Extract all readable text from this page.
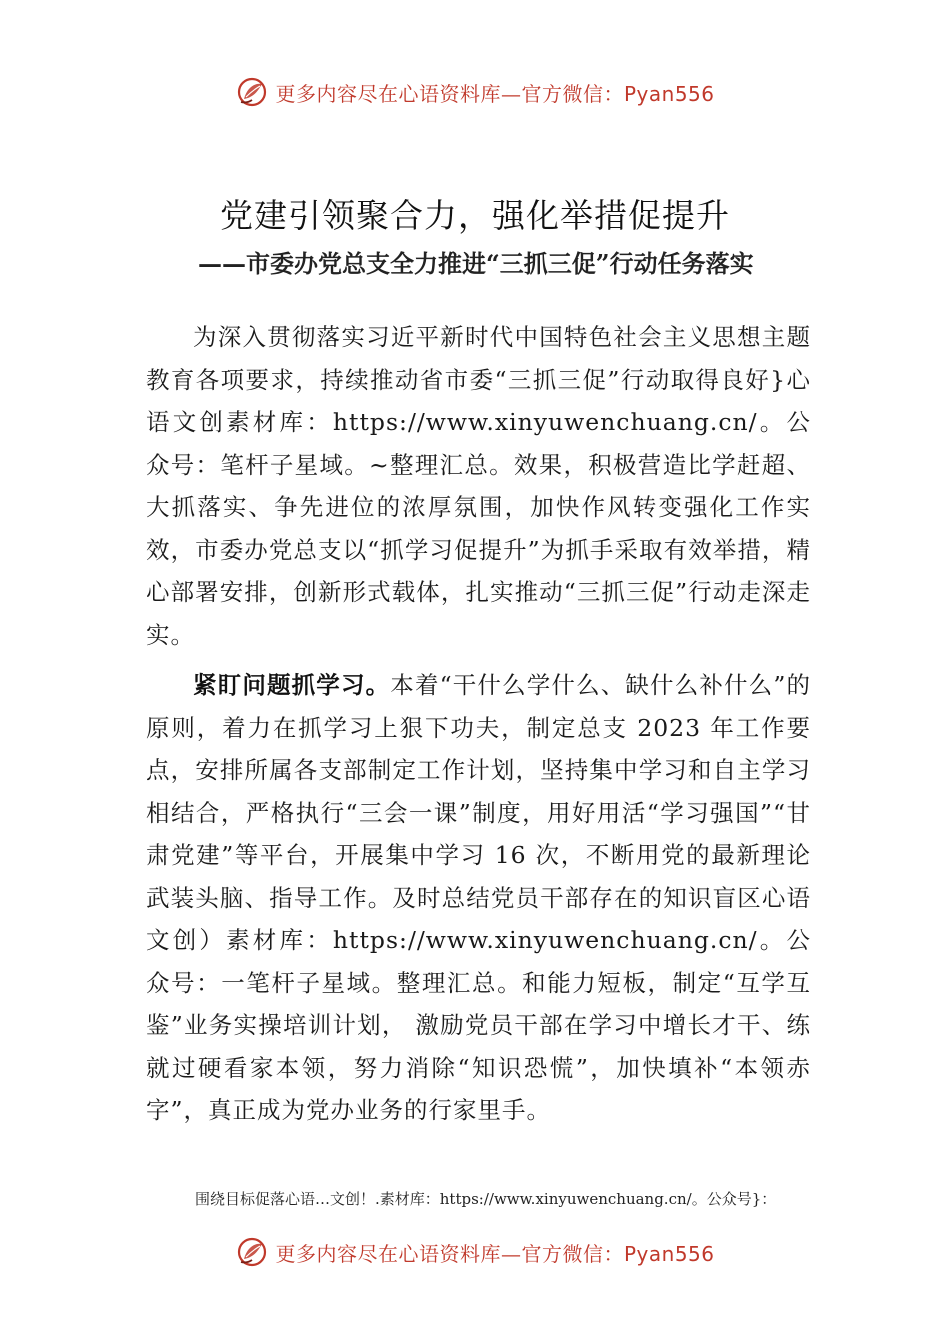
更多内容尽在心语资料库—官方微信：Pyan556
党建引领聚合力，强化举措促提升
——市委办党总支全力推进“三抓三促”行动任务落实

为深入贯彻落实习近平新时代中国特色社会主义思想主题教育各项要求，持续推动省市委“三抓三促”行动取得良好}心语文创素材库：https://www.xinyuwenchuang.cn/。公众号：笔杆子星域。~整理汇总。效果，积极营造比学赶超、大抓落实、争先进位的浓厚氛围，加快作风转变强化工作实效，市委办党总支以“抓学习促提升”为抓手采取有效举措，精心部署安排，创新形式载体，扎实推动“三抓三促”行动走深走实。

紧盯问题抓学习。本着“干什么学什么、缺什么补什么”的原则，着力在抓学习上狠下功夫，制定总支 2023 年工作要点，安排所属各支部制定工作计划，坚持集中学习和自主学习相结合，严格执行“三会一课”制度，用好用活“学习强国”“甘肃党建”等平台，开展集中学习 16 次，不断用党的最新理论武装头脑、指导工作。及时总结党员干部存在的知识盲区心语文创）素材库：https://www.xinyuwenchuang.cn/。公众号：一笔杆子星域。整理汇总。和能力短板，制定“互学互鉴”业务实操培训计划， 激励党员干部在学习中增长才干、练就过硬看家本领，努力消除“知识恐慌”，加快填补“本领赤字”，真正成为党办业务的行家里手。

围绕目标促落心语…文创！.素材库：https://www.xinyuwenchuang.cn/。公众号}：
更多内容尽在心语资料库—官方微信：Pyan556
